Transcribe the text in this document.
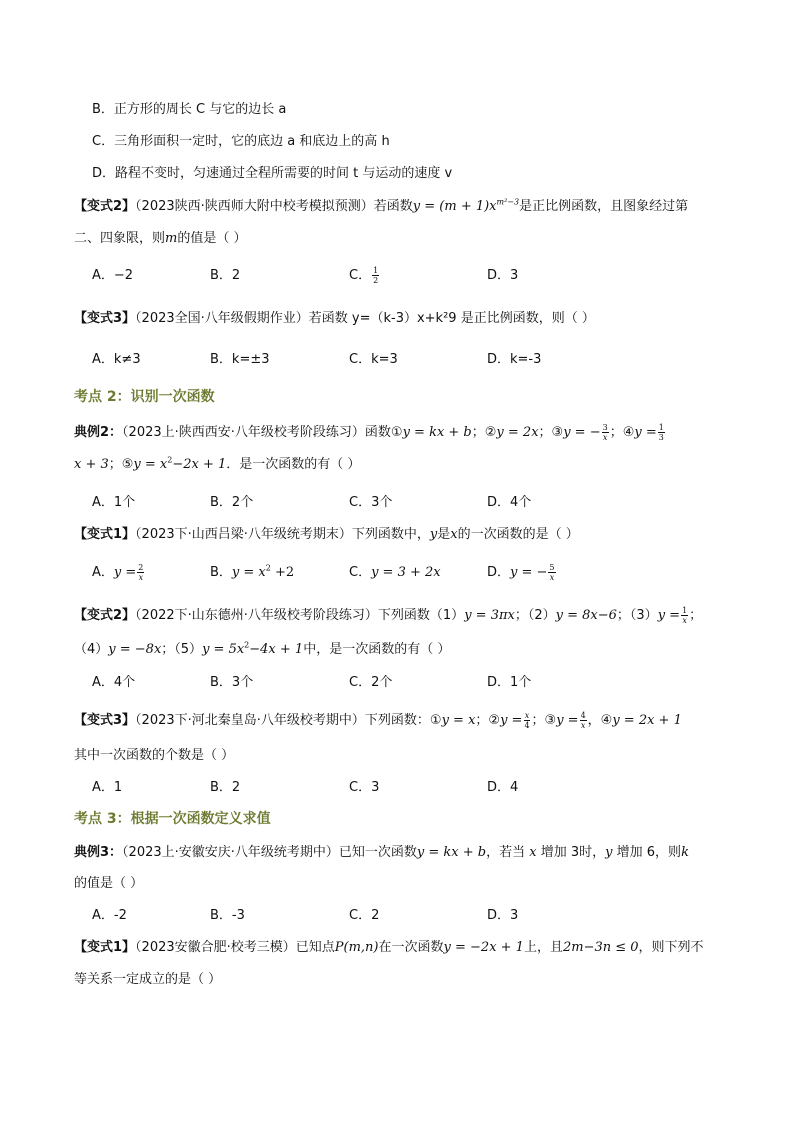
B．正方形的周长 C 与它的边长 a
C．三角形面积一定时，它的底边 a 和底边上的高 h
D．路程不变时，匀速通过全程所需要的时间 t 与运动的速度 v
【变式2】（2023陕西·陕西师大附中校考模拟预测）若函数$y = (m + 1)x^{m^2-3}$是正比例函数，且图象经过第
二、四象限，则m的值是（ ）
A．−2	B．2	C． $\frac{1}{2}$	D．3
【变式3】（2023全国·八年级假期作业）若函数 y=（k-3）x+k²9 是正比例函数，则（ ）
A．k≠3	B．k=±3	C．k=3	D．k=-3
考点 2：识别一次函数
典例2：（2023上·陕西西安·八年级校考阶段练习）函数①y = kx + b；②y = 2x；③y = − $\frac{3}{x}$ ；④y = $\frac{1}{3}$
x + 3；⑤y = $x^2-2x + 1$．是一次函数的有（ ）
A．1个	B．2个	C．3个	D．4个
【变式1】（2023下·山西吕梁·八年级统考期末）下列函数中，y是x的一次函数的是（ ）
A．$y = \frac{2}{x}$	B．$y = x^2 +2$	C．y = 3 + 2x	D．y = − $\frac{5}{x}$
【变式2】（2022下·山东德州·八年级校考阶段练习）下列函数（1）y = 3πx；（2）y = 8x−6；$(3)y = \frac{1}{x}$ ；
（4）y = −8x；$(5)y = 5x^2-4x + 1$中，是一次函数的有（ ）
A．4个	B．3个	C．2个	D．1个
【变式3】（2023下·河北秦皇岛·八年级校考期中）下列函数：①y = x；②y = $\frac{x}{4}$ ；③y = $\frac{4}{x}$ ，④y = 2x + 1
其中一次函数的个数是（ ）
A．1	B．2	C．3	D．4
考点 3：根据一次函数定义求值
典例3：（2023上·安徽安庆·八年级统考期中）已知一次函数y = kx + b，若当 x 增加 3时，y 增加 6，则k
的值是（ ）
A．-2	B．-3	C．2	D．3
【变式1】（2023安徽合肥·校考三模）已知点P(m,n)在一次函数y = −2x + 1上，且2m−3n ≤ 0，则下列不
等关系一定成立的是（ ）
